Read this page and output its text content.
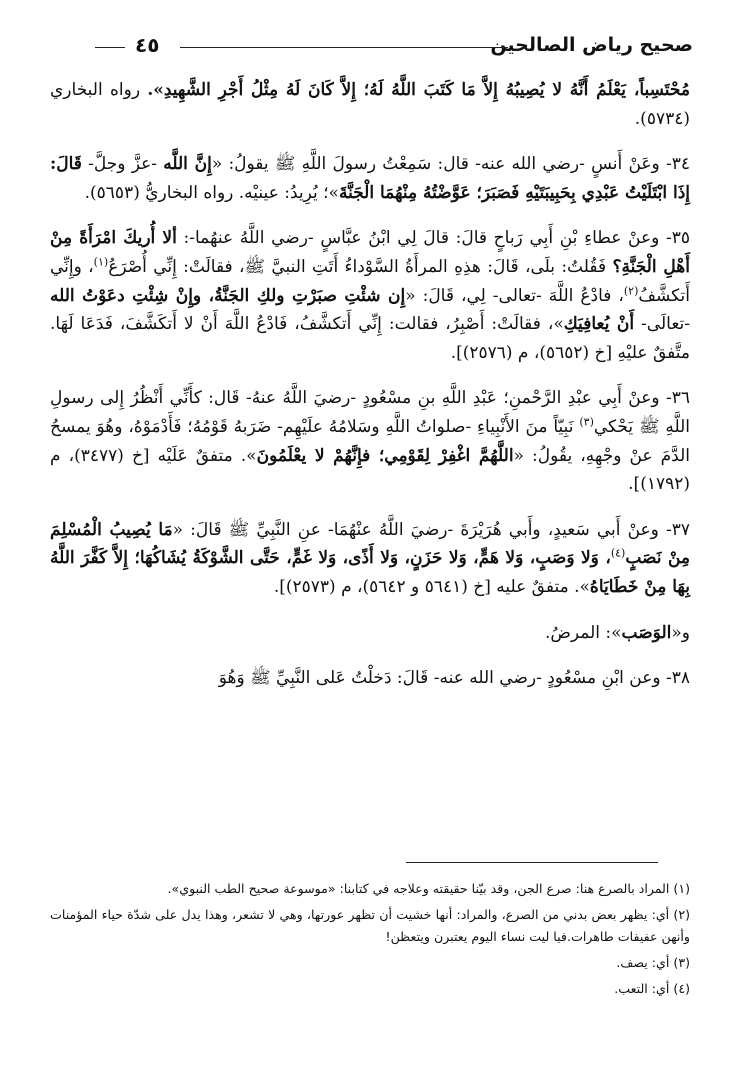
صحيح رياض الصالحين
٤٥

مُحْتَسِباً، يَعْلَمُ أَنَّهُ لا يُصِيبُهُ إِلاَّ مَا كَتَبَ اللَّهُ لَهُ؛ إِلاَّ كَانَ لَهُ مِثْلُ أَجْرِ الشَّهِيدِ». رواه البخاري (٥٧٣٤).

٣٤- وعَنْ أَنسٍ -رضي الله عنه- قال: سَمِعْتُ رسولَ اللَّهِ ﷺ يقولُ: «إِنَّ اللَّه -عزَّ وجلَّ- قَالَ: إِذَا ابْتَلَيْتُ عَبْدِي بِحَبِيبَتَيْهِ فَصَبَرَ؛ عَوَّضْتُهُ مِنْهُمَا الْجَنَّةَ»؛ يُرِيدُ: عينيْه. رواه البخاريُّ (٥٦٥٣).

٣٥- وعنْ عطاءِ بْنِ أَبِي رَباحٍ قالَ: قالَ لِي ابْنُ عبَّاسٍ -رضي اللَّهُ عنهُما-: ألا أُريكَ امْرَأَةً مِنْ أَهْلِ الْجَنَّةِ؟ فَقُلتُ: بلَى، قَالَ: هذِهِ المرأَةُ السَّوْداءُ أَتَتِ النبيَّ ﷺ، فقالَتْ: إِنِّي أُصْرَعُ$^{(١)}$، وإِنِّي أَتكشَّفُ$^{(٢)}$، فادْعُ اللَّهَ -تعالى- لِي، قَالَ: «إِن شئْتِ صبَرْتِ ولكِ الجَنَّةُ، وإِنْ شِئْتِ دعَوْتُ الله -تعالَى- أَنْ يُعافِيَكِ»، فقالَتْ: أَصْبِرُ، فقالت: إِنِّي أَتكشَّفُ، فَادْعُ اللَّهَ أَنْ لا أَتكَشَّفَ، فَدَعَا لَهَا. متَّفقٌ عليْهِ [خ (٥٦٥٢)، م (٢٥٧٦)].

٣٦- وعنْ أَبِي عبْدِ الرَّحْمنِ؛ عَبْدِ اللَّهِ بنِ مسْعُودٍ -رضيَ اللَّهُ عنهُ- قَال: كأَنِّي أَنْظُرُ إِلى رسولِ اللَّهِ ﷺ يَحْكي$^{(٣)}$ نَبِيّاً منَ الأَنْبِياءِ -صلواتُ اللَّهِ وسَلامُهُ علَيْهِم- ضَرَبهُ قَوْمُهُ؛ فَأَدْمَوْهُ، وهُوَ يمسحُ الدَّمَ عنْ وجْهِهِ، يقُولُ: «اللَّهُمَّ اغْفِرْ لِقَوْمِي؛ فإِنَّهُمْ لا يعْلَمُونَ». متفقٌ عَلَيْه [خ (٣٤٧٧)، م (١٧٩٢)].

٣٧- وعنْ أَبي سَعيدٍ، وأَبي هُرَيْرَةَ -رضيَ اللَّهُ عنْهُمَا- عنِ النَّبِيِّ ﷺ قَالَ: «مَا يُصِيبُ الْمُسْلِمَ مِنْ نَصَبٍ$^{(٤)}$، وَلا وَصَبٍ، وَلا هَمٍّ، وَلا حَزَنٍ، وَلا أَذًى، وَلا غَمٍّ، حَتَّى الشَّوْكَةُ يُشَاكُهَا؛ إِلاَّ كَفَّرَ اللَّهُ بِهَا مِنْ خَطَايَاهُ». متفقٌ عليه [خ (٥٦٤١ و ٥٦٤٢)، م (٢٥٧٣)].

و«الوَصَب»: المرضُ.

٣٨- وعن ابْنِ مسْعُودٍ -رضي الله عنه- قَالَ: دَخلْتُ عَلى النَّبِيِّ ﷺ وَهُوَ

(١) المراد بالصرع هنا: صرع الجن، وقد بيّنا حقيقته وعلاجه في كتابنا: «موسوعة صحيح الطب النبوي».

(٢) أي: يظهر بعض بدني من الصرع، والمراد: أنها خشيت أن تظهر عورتها، وهي لا تشعر، وهذا يدل على شدّة حياء المؤمنات وأنهن عفيفات طاهرات.فيا ليت نساء اليوم يعتبرن ويتعظن!

(٣) أي: يصف.

(٤) أي: التعب.
